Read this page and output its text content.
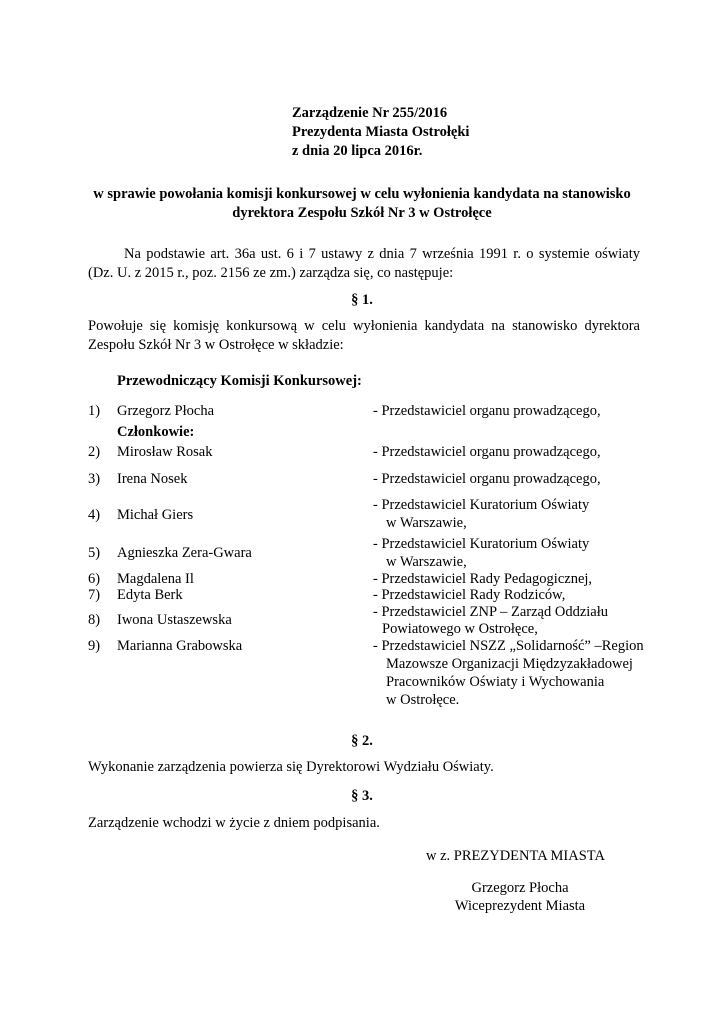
Zarządzenie Nr 255/2016
Prezydenta Miasta Ostrołęki
z dnia 20 lipca 2016r.
w sprawie powołania komisji konkursowej w celu wyłonienia kandydata na stanowisko
dyrektora Zespołu Szkół Nr 3 w Ostrołęce
Na podstawie art. 36a ust. 6 i 7 ustawy z dnia 7 września 1991 r. o systemie oświaty
(Dz. U. z 2015 r., poz. 2156 ze zm.) zarządza się, co następuje:
§ 1.
Powołuje się komisję konkursową w celu wyłonienia kandydata na stanowisko dyrektora
Zespołu Szkół Nr 3 w Ostrołęce w składzie:
Przewodniczący Komisji Konkursowej:
1) Grzegorz Płocha	- Przedstawiciel organu prowadzącego,
Członkowie:
2) Mirosław Rosak	- Przedstawiciel organu prowadzącego,
3) Irena Nosek	- Przedstawiciel organu prowadzącego,
4) Michał Giers
- Przedstawiciel Kuratorium Oświaty
w Warszawie,
5) Agnieszka Zera-Gwara
- Przedstawiciel Kuratorium Oświaty
w Warszawie,
6) Magdalena Il	- Przedstawiciel Rady Pedagogicznej,
7) Edyta Berk	- Przedstawiciel Rady Rodziców,
8) Iwona Ustaszewska	- Przedstawiciel ZNP – Zarząd Oddziału
Powiatowego w Ostrołęce,
9) Marianna Grabowska	- Przedstawiciel NSZZ „Solidarność” –Region
Mazowsze Organizacji Międzyzakładowej
Pracowników Oświaty i Wychowania
w Ostrołęce.
§ 2.
Wykonanie zarządzenia powierza się Dyrektorowi Wydziału Oświaty.
§ 3.
Zarządzenie wchodzi w życie z dniem podpisania.
w z. PREZYDENTA MIASTA
Grzegorz Płocha
Wiceprezydent Miasta
